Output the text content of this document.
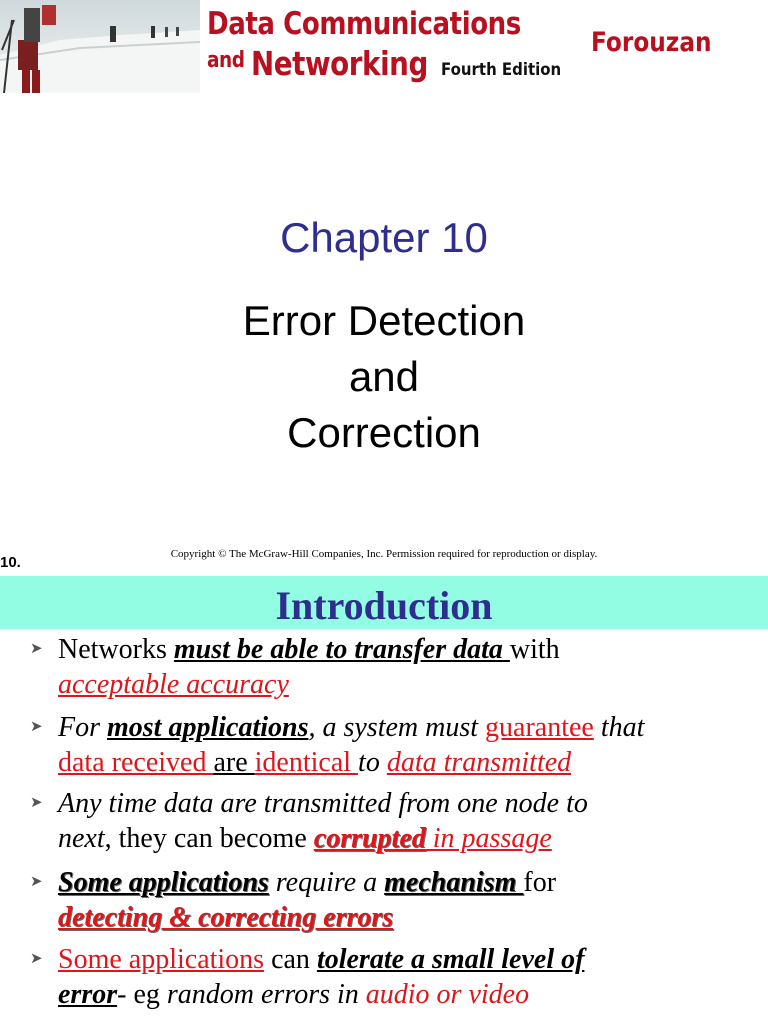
Data Communications
and Networking Fourth Edition
Forouzan
Chapter 10
Error Detection
and
Correction
10.	Copyright © The McGraw-Hill Companies, Inc. Permission required for reproduction or display.
Introduction
➤ Networks must be able to transfer data with
acceptable accuracy
➤ For most applications, a system must guarantee that
data received are identical to data transmitted
➤ Any time data are transmitted from one node to
next, they can become corrupted in passage
➤ Some applications require a mechanism for
detecting & correcting errors
➤ Some applications can tolerate a small level of
error- eg random errors in audio or video
